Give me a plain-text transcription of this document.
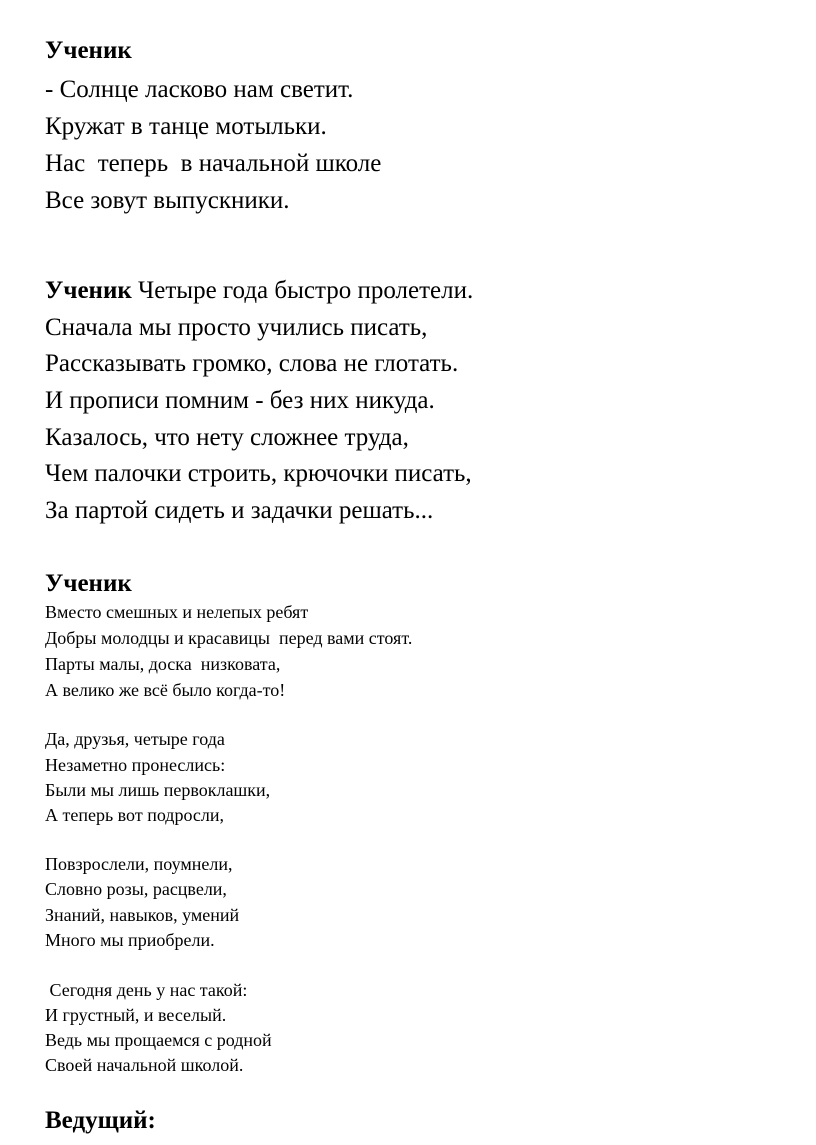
Ученик
- Солнце ласково нам светит.
Кружат в танце мотыльки.
Нас  теперь  в начальной школе
Все зовут выпускники.
Ученик Четыре года быстро пролетели.
Сначала мы просто учились писать,
Рассказывать громко, слова не глотать.
И прописи помним - без них никуда.
Казалось, что нету сложнее труда,
Чем палочки строить, крючочки писать,
За партой сидеть и задачки решать...
Ученик
Вместо смешных и нелепых ребят
Добры молодцы и красавицы  перед вами стоят.
Парты малы, доска  низковата,
А велико же всё было когда-то!
Да, друзья, четыре года
Незаметно пронеслись:
Были мы лишь первоклашки,
А теперь вот подросли,
Повзрослели, поумнели,
Словно розы, расцвели,
Знаний, навыков, умений
Много мы приобрели.
Сегодня день у нас такой:
И грустный, и веселый.
Ведь мы прощаемся с родной
Своей начальной школой.
Ведущий:
